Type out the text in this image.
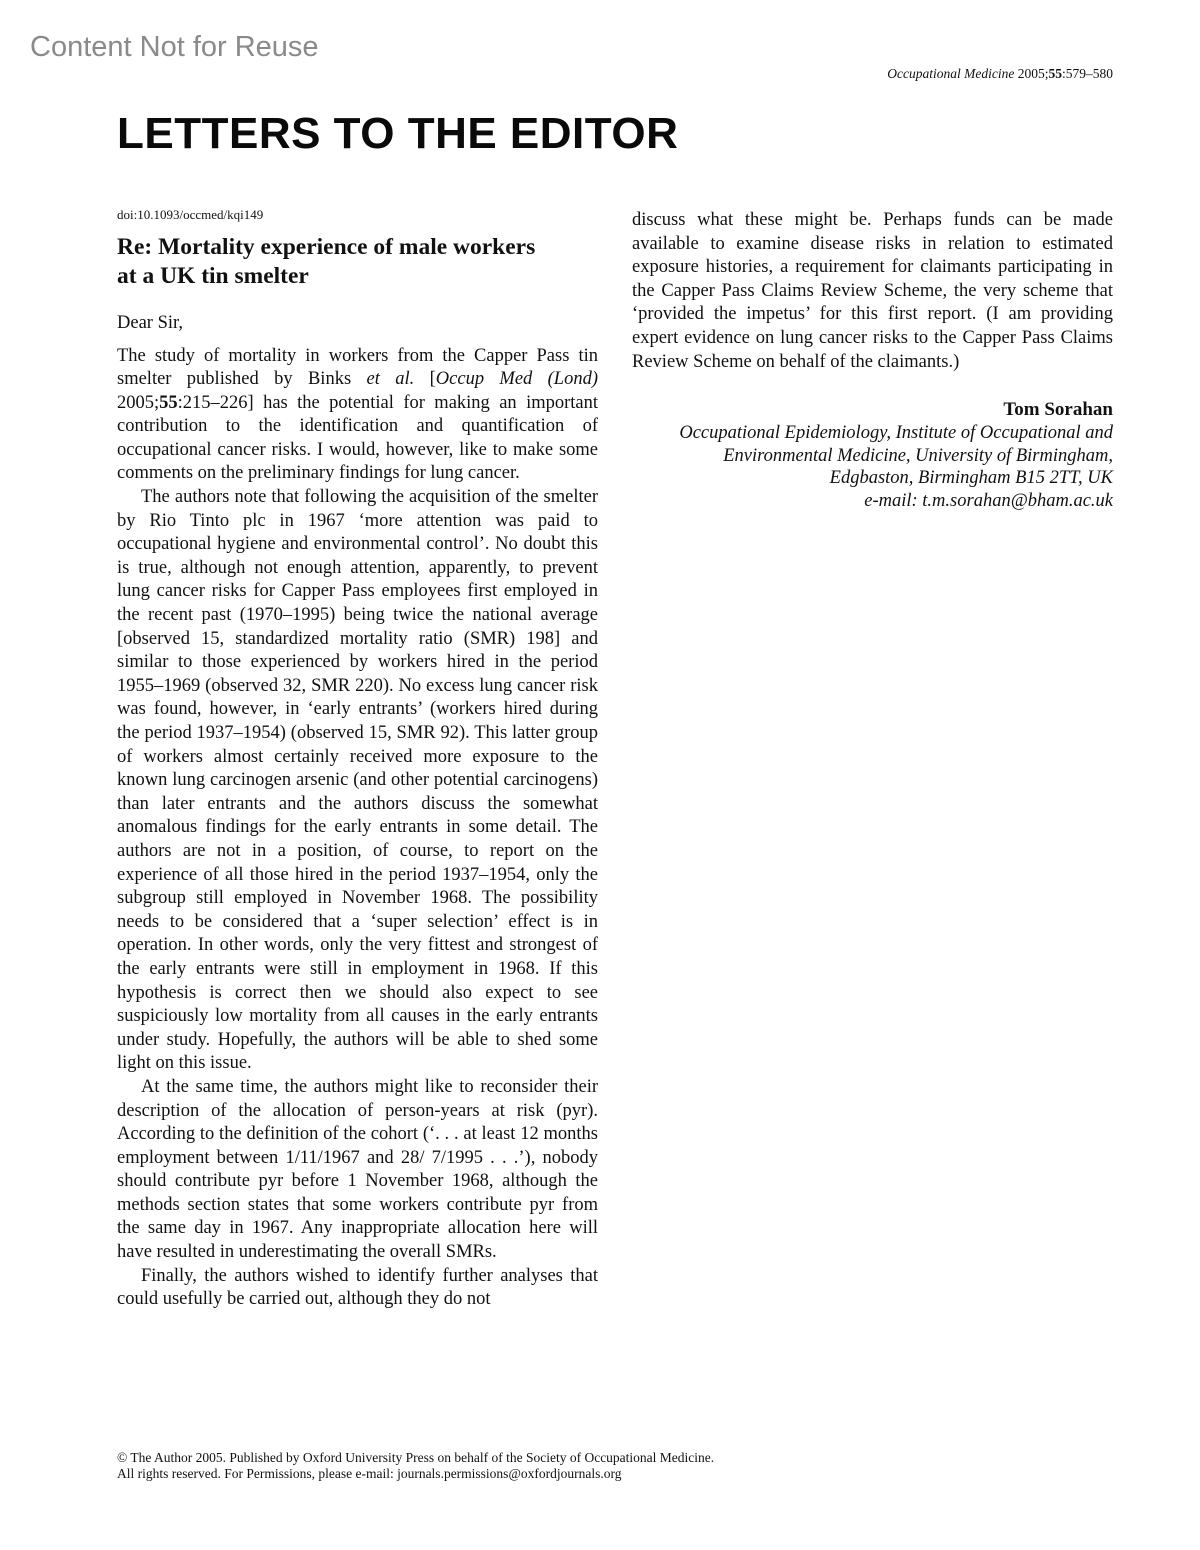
Content Not for Reuse
Occupational Medicine 2005;55:579–580
LETTERS TO THE EDITOR
doi:10.1093/occmed/kqi149
Re: Mortality experience of male workers
at a UK tin smelter
Dear Sir,

The study of mortality in workers from the Capper Pass tin smelter published by Binks et al. [Occup Med (Lond) 2005;55:215–226] has the potential for making an important contribution to the identification and quantification of occupational cancer risks. I would, however, like to make some comments on the preliminary findings for lung cancer.

The authors note that following the acquisition of the smelter by Rio Tinto plc in 1967 ‘more attention was paid to occupational hygiene and environmental control’. No doubt this is true, although not enough attention, apparently, to prevent lung cancer risks for Capper Pass employees first employed in the recent past (1970–1995) being twice the national average [observed 15, standardized mortality ratio (SMR) 198] and similar to those experienced by workers hired in the period 1955–1969 (observed 32, SMR 220). No excess lung cancer risk was found, however, in ‘early entrants’ (workers hired during the period 1937–1954) (observed 15, SMR 92). This latter group of workers almost certainly received more exposure to the known lung carcinogen arsenic (and other potential carcinogens) than later entrants and the authors discuss the somewhat anomalous findings for the early entrants in some detail. The authors are not in a position, of course, to report on the experience of all those hired in the period 1937–1954, only the subgroup still employed in November 1968. The possibility needs to be considered that a ‘super selection’ effect is in operation. In other words, only the very fittest and strongest of the early entrants were still in employment in 1968. If this hypothesis is correct then we should also expect to see suspiciously low mortality from all causes in the early entrants under study. Hopefully, the authors will be able to shed some light on this issue.

At the same time, the authors might like to reconsider their description of the allocation of person-years at risk (pyr). According to the definition of the cohort (‘. . . at least 12 months employment between 1/11/1967 and 28/ 7/1995 . . .’), nobody should contribute pyr before 1 November 1968, although the methods section states that some workers contribute pyr from the same day in 1967. Any inappropriate allocation here will have resulted in underestimating the overall SMRs.

Finally, the authors wished to identify further analyses that could usefully be carried out, although they do not

discuss what these might be. Perhaps funds can be made available to examine disease risks in relation to estimated exposure histories, a requirement for claimants participating in the Capper Pass Claims Review Scheme, the very scheme that ‘provided the impetus’ for this first report. (I am providing expert evidence on lung cancer risks to the Capper Pass Claims Review Scheme on behalf of the claimants.)

Tom Sorahan
Occupational Epidemiology, Institute of Occupational and
Environmental Medicine, University of Birmingham,
Edgbaston, Birmingham B15 2TT, UK
e-mail: t.m.sorahan@bham.ac.uk
© The Author 2005. Published by Oxford University Press on behalf of the Society of Occupational Medicine.
All rights reserved. For Permissions, please e-mail: journals.permissions@oxfordjournals.org
